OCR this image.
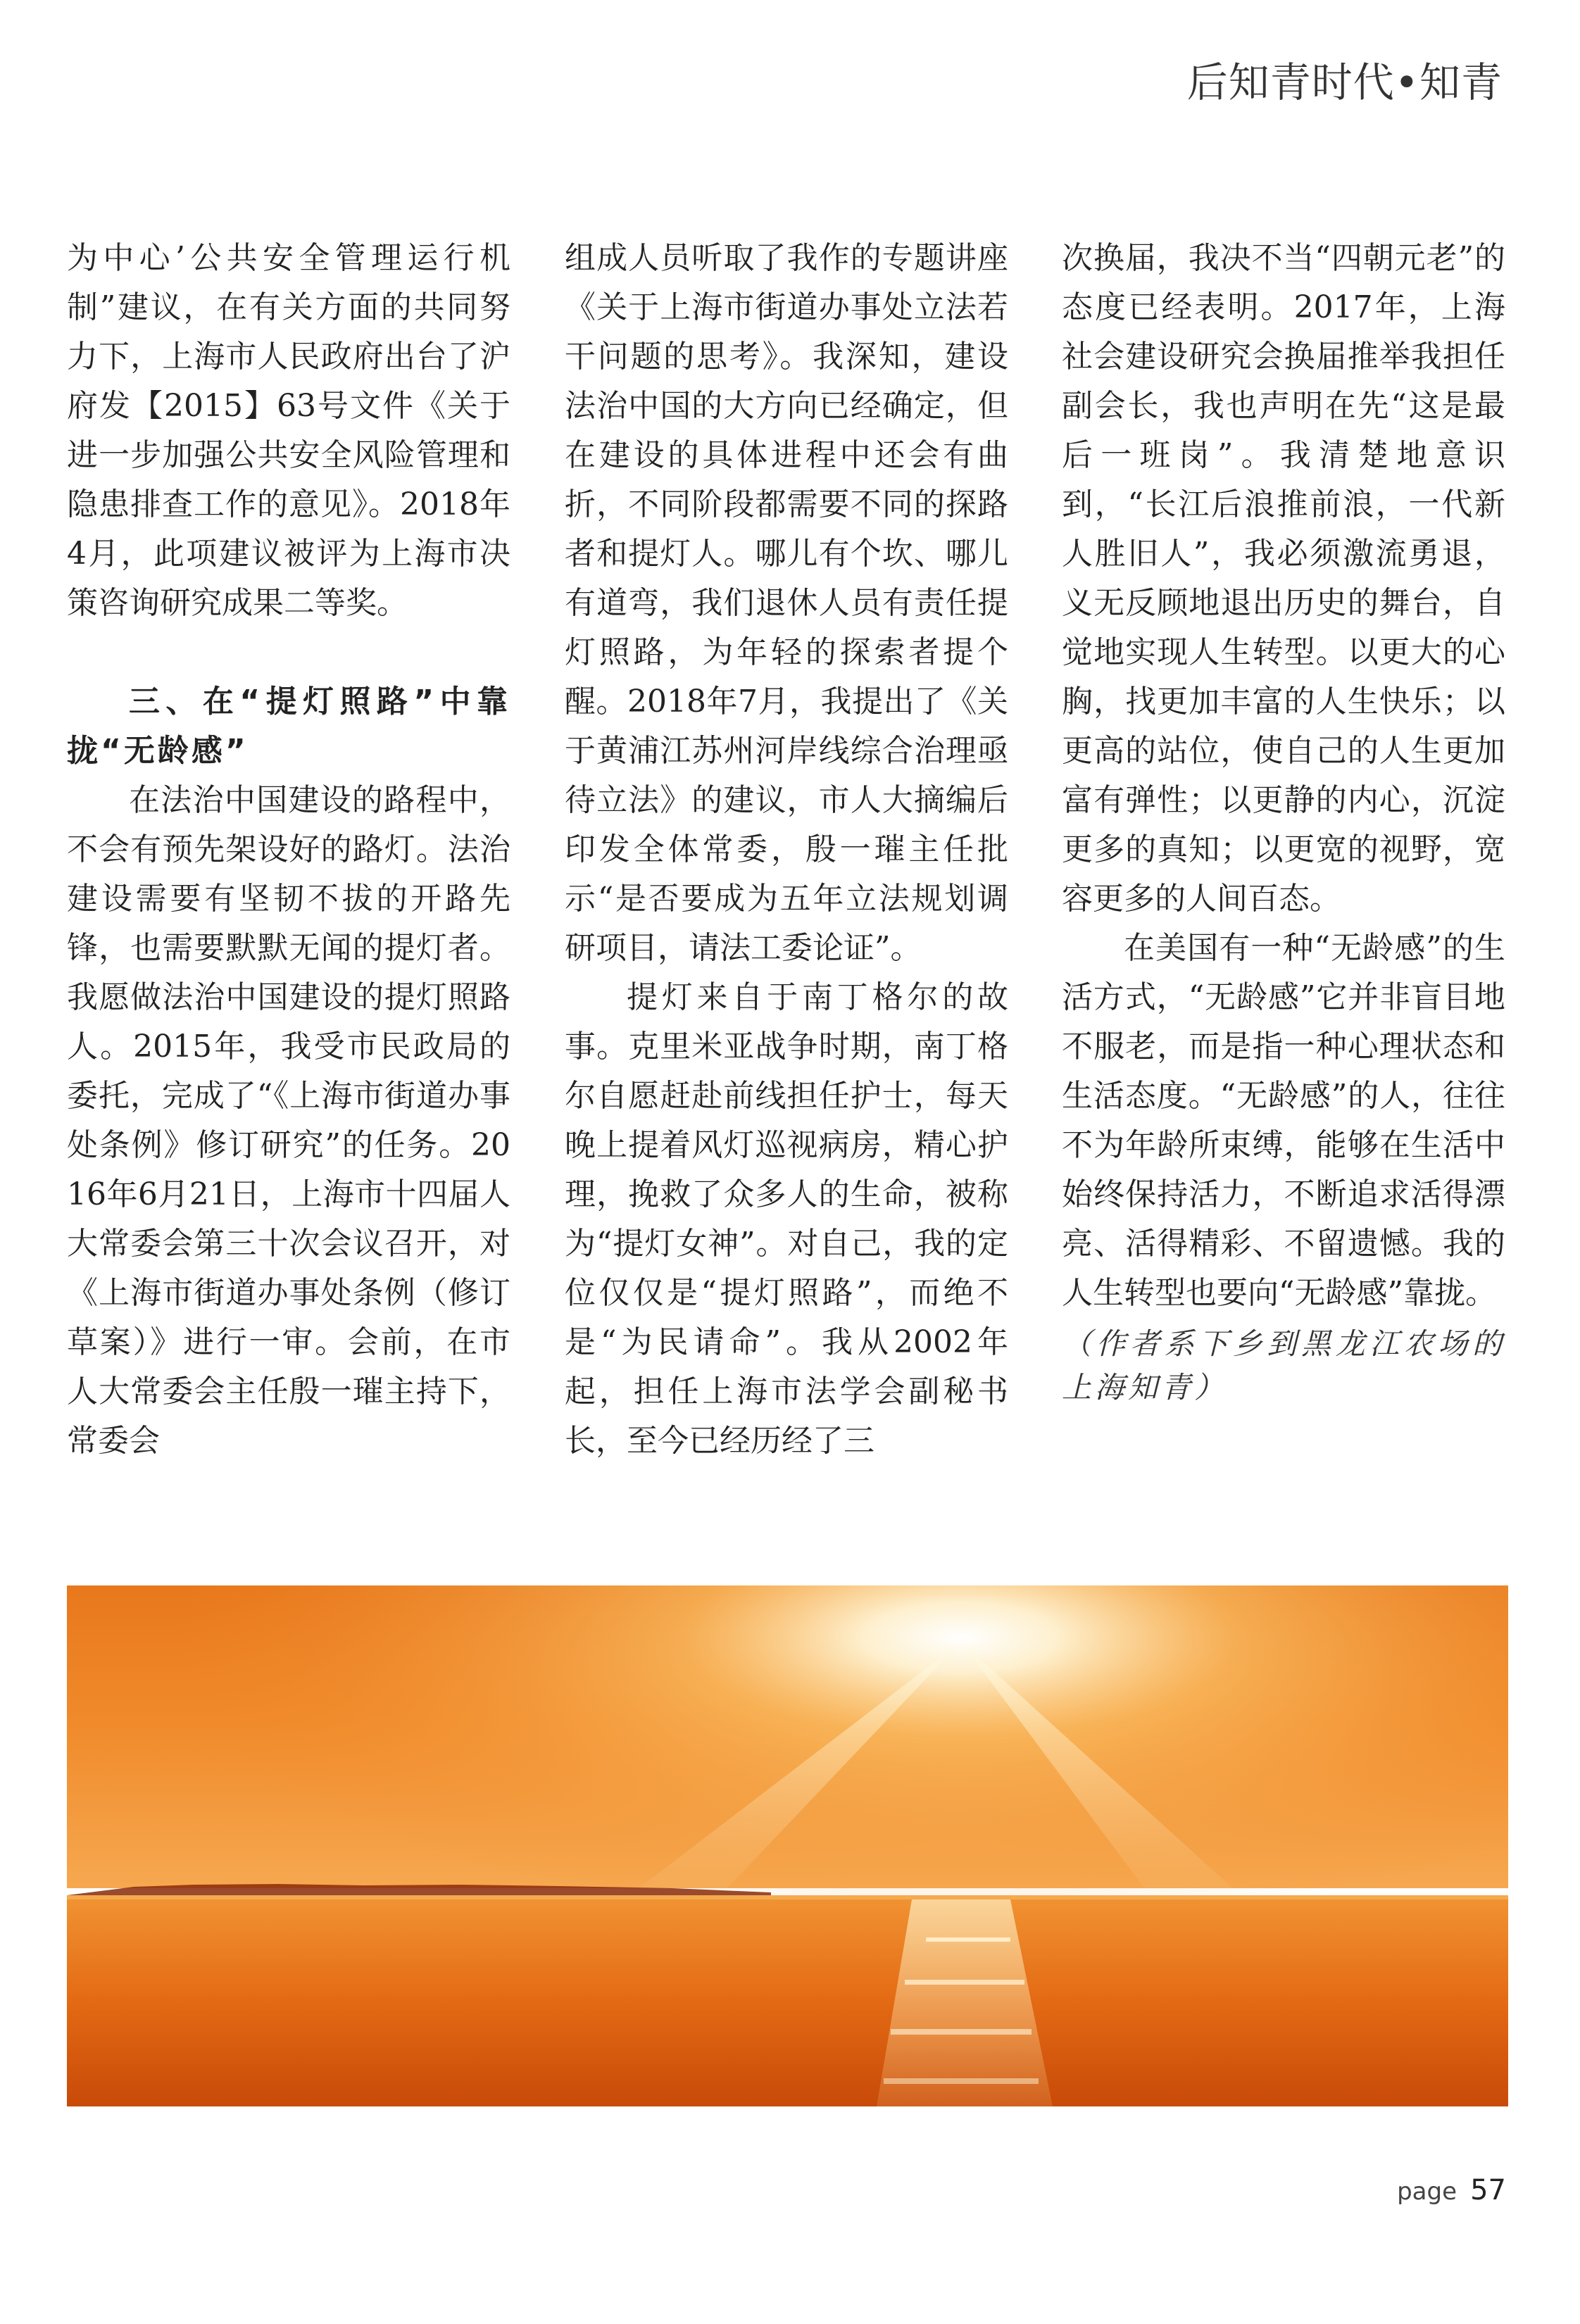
后知青时代•知青

为中心’公共安全管理运行机制”建议，在有关方面的共同努力下，上海市人民政府出台了沪府发【2015】63号文件《关于进一步加强公共安全风险管理和隐患排查工作的意见》。2018年4月，此项建议被评为上海市决策咨询研究成果二等奖。

三、在“提灯照路”中靠拢“无龄感”

在法治中国建设的路程中，不会有预先架设好的路灯。法治建设需要有坚韧不拔的开路先锋，也需要默默无闻的提灯者。我愿做法治中国建设的提灯照路人。2015年，我受市民政局的委托，完成了“《上海市街道办事处条例》修订研究”的任务。2016年6月21日，上海市十四届人大常委会第三十次会议召开，对《上海市街道办事处条例（修订草案）》进行一审。会前，在市人大常委会主任殷一璀主持下，常委会

组成人员听取了我作的专题讲座《关于上海市街道办事处立法若干问题的思考》。我深知，建设法治中国的大方向已经确定，但在建设的具体进程中还会有曲折，不同阶段都需要不同的探路者和提灯人。哪儿有个坎、哪儿有道弯，我们退休人员有责任提灯照路，为年轻的探索者提个醒。2018年7月，我提出了《关于黄浦江苏州河岸线综合治理亟待立法》的建议，市人大摘编后印发全体常委，殷一璀主任批示“是否要成为五年立法规划调研项目，请法工委论证”。

提灯来自于南丁格尔的故事。克里米亚战争时期，南丁格尔自愿赶赴前线担任护士，每天晚上提着风灯巡视病房，精心护理，挽救了众多人的生命，被称为“提灯女神”。对自己，我的定位仅仅是“提灯照路”，而绝不是“为民请命”。我从2002年起，担任上海市法学会副秘书长，至今已经历经了三

次换届，我决不当“四朝元老”的态度已经表明。2017年，上海社会建设研究会换届推举我担任副会长，我也声明在先“这是最后一班岗”。我清楚地意识到，“长江后浪推前浪，一代新人胜旧人”，我必须激流勇退，义无反顾地退出历史的舞台，自觉地实现人生转型。以更大的心胸，找更加丰富的人生快乐；以更高的站位，使自己的人生更加富有弹性；以更静的内心，沉淀更多的真知；以更宽的视野，宽容更多的人间百态。

在美国有一种“无龄感”的生活方式，“无龄感”它并非盲目地不服老，而是指一种心理状态和生活态度。“无龄感”的人，往往不为年龄所束缚，能够在生活中始终保持活力，不断追求活得漂亮、活得精彩、不留遗憾。我的人生转型也要向“无龄感”靠拢。

（作者系下乡到黑龙江农场的上海知青）
page 57
